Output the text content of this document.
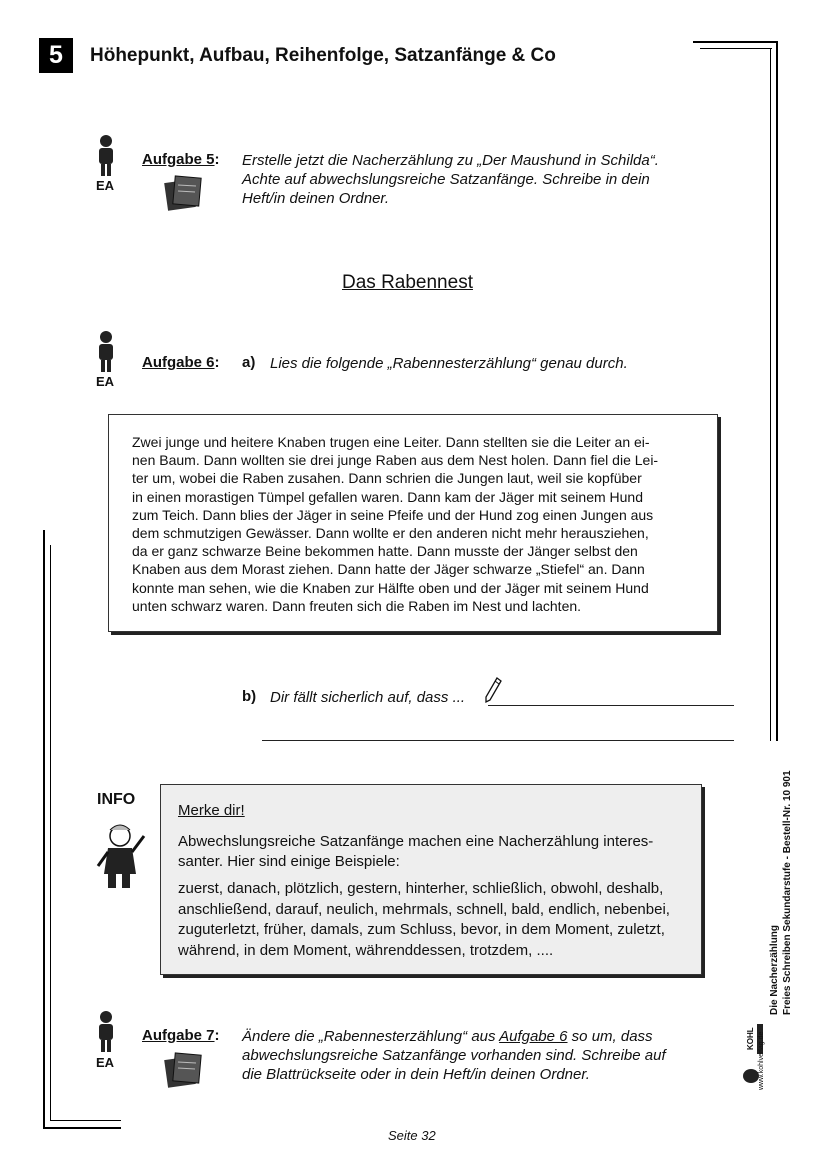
5	Höhepunkt, Aufbau, Reihenfolge, Satzanfänge & Co
EA
Aufgabe 5: Erstelle jetzt die Nacherzählung zu „Der Maushund in Schilda“.
Achte auf abwechslungsreiche Satzanfänge. Schreibe in dein
Heft/in deinen Ordner.
Das Rabennest
EA
Aufgabe 6: a) Lies die folgende „Rabennesterzählung“ genau durch.
Zwei junge und heitere Knaben trugen eine Leiter. Dann stellten sie die Leiter an ei-
nen Baum. Dann wollten sie drei junge Raben aus dem Nest holen. Dann fiel die Lei-
ter um, wobei die Raben zusahen. Dann schrien die Jungen laut, weil sie kopfüber
in einen morastigen Tümpel gefallen waren. Dann kam der Jäger mit seinem Hund
zum Teich. Dann blies der Jäger in seine Pfeife und der Hund zog einen Jungen aus
dem schmutzigen Gewässer. Dann wollte er den anderen nicht mehr herausziehen,
da er ganz schwarze Beine bekommen hatte. Dann musste der Jänger selbst den
Knaben aus dem Morast ziehen. Dann hatte der Jäger schwarze „Stiefel“ an. Dann
konnte man sehen, wie die Knaben zur Hälfte oben und der Jäger mit seinem Hund
unten schwarz waren. Dann freuten sich die Raben im Nest und lachten.
b) Dir fällt sicherlich auf, dass ...
INFO
Merke dir!
Abwechslungsreiche Satzanfänge machen eine Nacherzählung interes-
santer. Hier sind einige Beispiele:
zuerst, danach, plötzlich, gestern, hinterher, schließlich, obwohl, deshalb,
anschließend, darauf, neulich, mehrmals, schnell, bald, endlich, nebenbei,
zuguterletzt, früher, damals, zum Schluss, bevor, in dem Moment, zuletzt,
während, in dem Moment, währenddessen, trotzdem, ....
EA
Aufgabe 7: Ändere die „Rabennesterzählung“ aus Aufgabe 6 so um, dass
abwechslungsreiche Satzanfänge vorhanden sind. Schreibe auf
die Blattrückseite oder in dein Heft/in deinen Ordner.
Die Nacherzählung Freies Schreiben Sekundarstufe - Bestell-Nr. 10 901
KOHL www.kohlverlag.de
Seite 32
